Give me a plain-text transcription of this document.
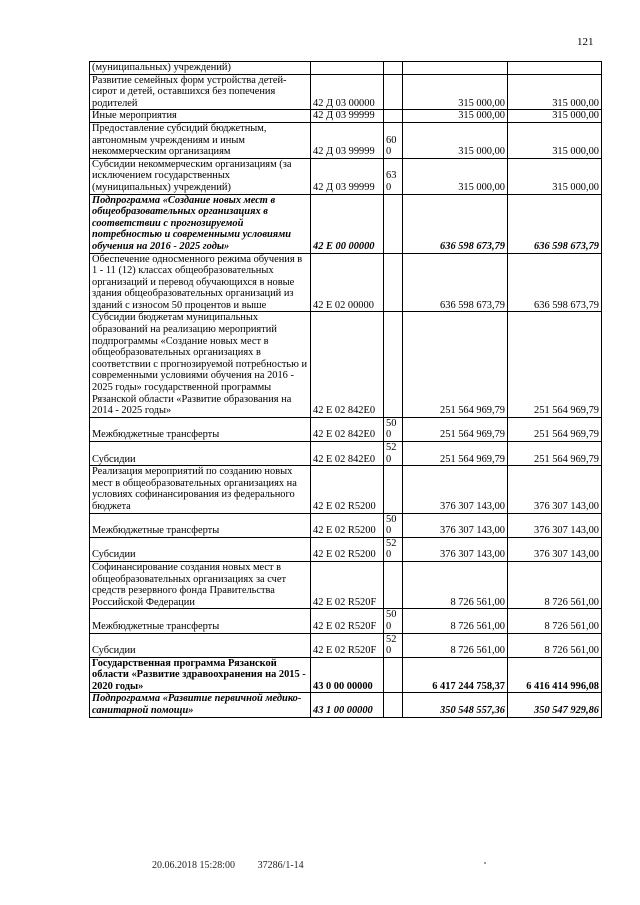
121
(муниципальных) учреждений)				
Развитие семейных форм устройства детей-сирот и детей, оставшихся без попечения родителей	42 Д 03 00000		315 000,00	315 000,00
Иные мероприятия	42 Д 03 99999		315 000,00	315 000,00
Предоставление субсидий бюджетным, автономным учреждениям и иным некоммерческим организациям	42 Д 03 99999	600	315 000,00	315 000,00
Субсидии некоммерческим организациям (за исключением государственных (муниципальных) учреждений)	42 Д 03 99999	630	315 000,00	315 000,00
Подпрограмма «Создание новых мест в общеобразовательных организациях в соответствии с прогнозируемой потребностью и современными условиями обучения на 2016 - 2025 годы»	42 Е 00 00000		636 598 673,79	636 598 673,79
Обеспечение односменного режима обучения в 1 - 11 (12) классах общеобразовательных организаций и перевод обучающихся в новые здания общеобразовательных организаций из зданий с износом 50 процентов и выше	42 Е 02 00000		636 598 673,79	636 598 673,79
Субсидии бюджетам муниципальных образований на реализацию мероприятий подпрограммы «Создание новых мест в общеобразовательных организациях в соответствии с прогнозируемой потребностью и современными условиями обучения на 2016 - 2025 годы» государственной программы Рязанской области «Развитие образования на 2014 - 2025 годы»	42 Е 02 842Е0		251 564 969,79	251 564 969,79
Межбюджетные трансферты	42 Е 02 842Е0	500	251 564 969,79	251 564 969,79
Субсидии	42 Е 02 842Е0	520	251 564 969,79	251 564 969,79
Реализация мероприятий по созданию новых мест в общеобразовательных организациях на условиях софинансирования из федерального бюджета	42 Е 02 R5200		376 307 143,00	376 307 143,00
Межбюджетные трансферты	42 Е 02 R5200	500	376 307 143,00	376 307 143,00
Субсидии	42 Е 02 R5200	520	376 307 143,00	376 307 143,00
Софинансирование создания новых мест в общеобразовательных организациях за счет средств резервного фонда Правительства Российской Федерации	42 Е 02 R520F		8 726 561,00	8 726 561,00
Межбюджетные трансферты	42 Е 02 R520F	500	8 726 561,00	8 726 561,00
Субсидии	42 Е 02 R520F	520	8 726 561,00	8 726 561,00
Государственная программа Рязанской области «Развитие здравоохранения на 2015 - 2020 годы»	43 0 00 00000		6 417 244 758,37	6 416 414 996,08
Подпрограмма «Развитие первичной медико-санитарной помощи»	43 1 00 00000		350 548 557,36	350 547 929,86
20.06.2018 15:28:00 37286/1-14
